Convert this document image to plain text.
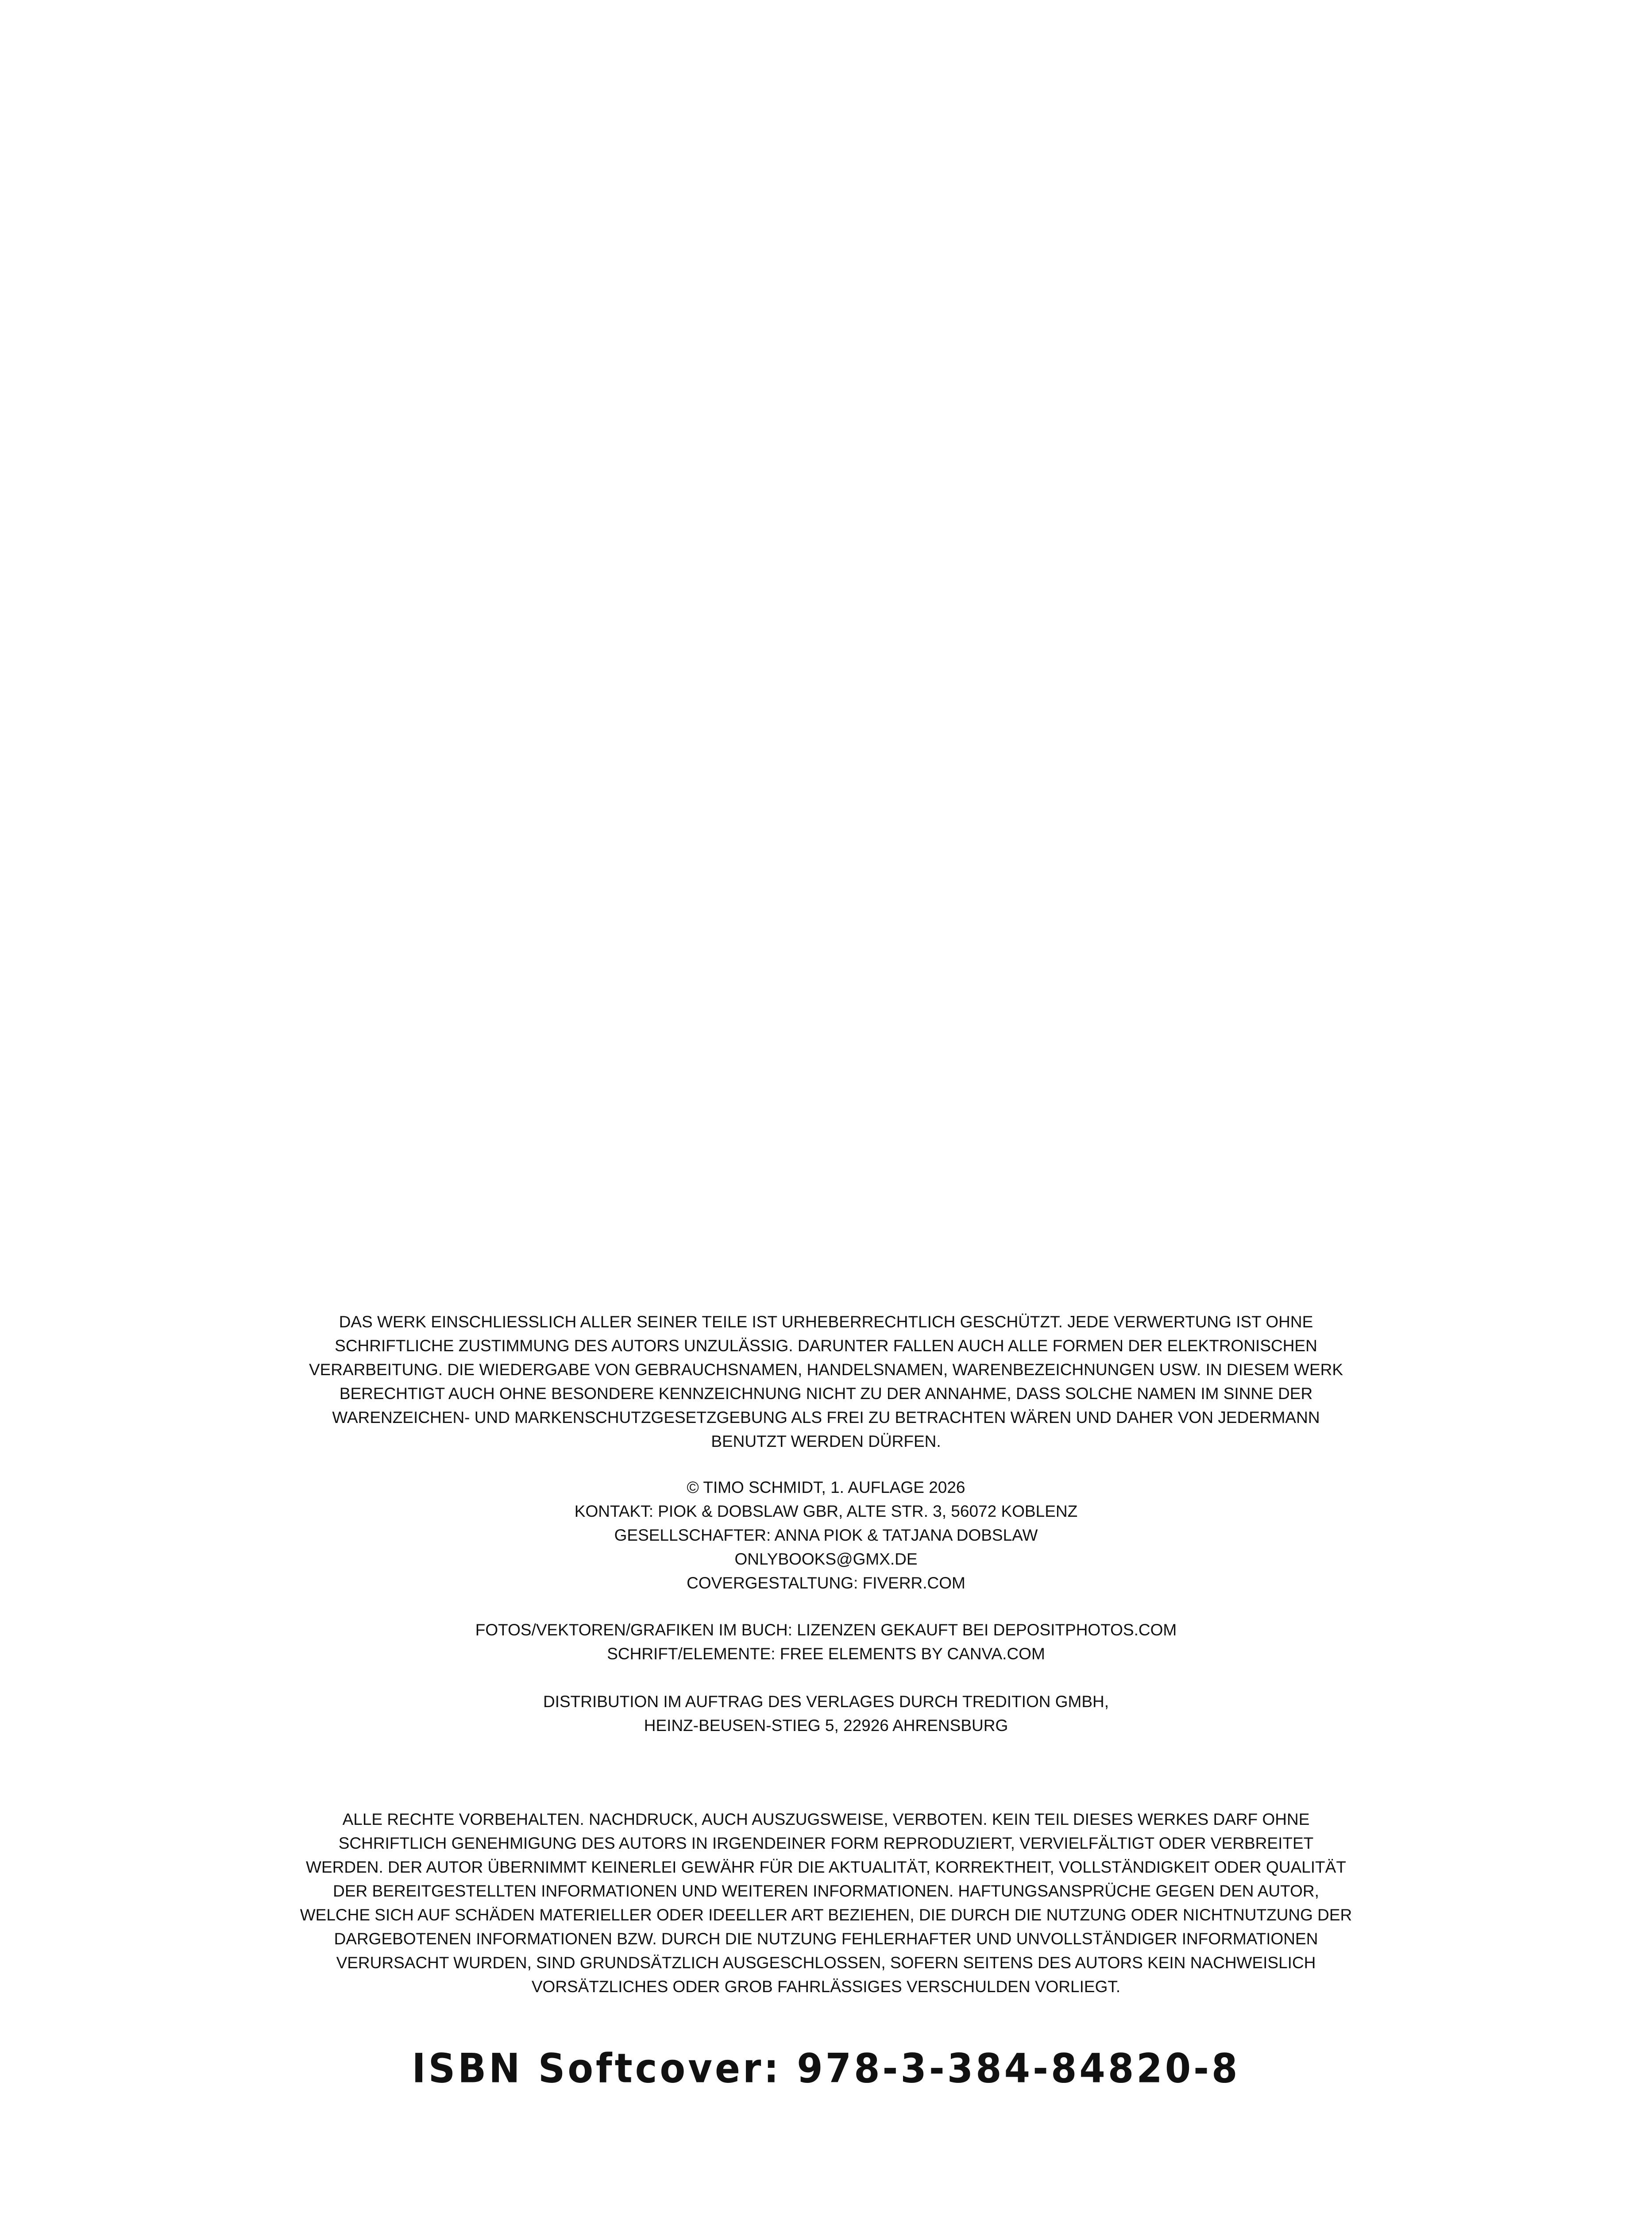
DAS WERK EINSCHLIESSLICH ALLER SEINER TEILE IST URHEBERRECHTLICH GESCHÜTZT. JEDE VERWERTUNG IST OHNE

SCHRIFTLICHE ZUSTIMMUNG DES AUTORS UNZULÄSSIG. DARUNTER FALLEN AUCH ALLE FORMEN DER ELEKTRONISCHEN

VERARBEITUNG. DIE WIEDERGABE VON GEBRAUCHSNAMEN, HANDELSNAMEN, WARENBEZEICHNUNGEN USW. IN DIESEM WERK

BERECHTIGT AUCH OHNE BESONDERE KENNZEICHNUNG NICHT ZU DER ANNAHME, DASS SOLCHE NAMEN IM SINNE DER

WARENZEICHEN- UND MARKENSCHUTZGESETZGEBUNG ALS FREI ZU BETRACHTEN WÄREN UND DAHER VON JEDERMANN

BENUTZT WERDEN DÜRFEN.

© TIMO SCHMIDT, 1. AUFLAGE 2026

KONTAKT: PIOK & DOBSLAW GBR, ALTE STR. 3, 56072 KOBLENZ

GESELLSCHAFTER: ANNA PIOK & TATJANA DOBSLAW

ONLYBOOKS@GMX.DE

COVERGESTALTUNG: FIVERR.COM

FOTOS/VEKTOREN/GRAFIKEN IM BUCH: LIZENZEN GEKAUFT BEI DEPOSITPHOTOS.COM

SCHRIFT/ELEMENTE: FREE ELEMENTS BY CANVA.COM

DISTRIBUTION IM AUFTRAG DES VERLAGES DURCH TREDITION GMBH,

HEINZ-BEUSEN-STIEG 5, 22926 AHRENSBURG

ALLE RECHTE VORBEHALTEN. NACHDRUCK, AUCH AUSZUGSWEISE, VERBOTEN. KEIN TEIL DIESES WERKES DARF OHNE

SCHRIFTLICH GENEHMIGUNG DES AUTORS IN IRGENDEINER FORM REPRODUZIERT, VERVIELFÄLTIGT ODER VERBREITET

WERDEN. DER AUTOR ÜBERNIMMT KEINERLEI GEWÄHR FÜR DIE AKTUALITÄT, KORREKTHEIT, VOLLSTÄNDIGKEIT ODER QUALITÄT

DER BEREITGESTELLTEN INFORMATIONEN UND WEITEREN INFORMATIONEN. HAFTUNGSANSPRÜCHE GEGEN DEN AUTOR,

WELCHE SICH AUF SCHÄDEN MATERIELLER ODER IDEELLER ART BEZIEHEN, DIE DURCH DIE NUTZUNG ODER NICHTNUTZUNG DER

DARGEBOTENEN INFORMATIONEN BZW. DURCH DIE NUTZUNG FEHLERHAFTER UND UNVOLLSTÄNDIGER INFORMATIONEN

VERURSACHT WURDEN, SIND GRUNDSÄTZLICH AUSGESCHLOSSEN, SOFERN SEITENS DES AUTORS KEIN NACHWEISLICH

VORSÄTZLICHES ODER GROB FAHRLÄSSIGES VERSCHULDEN VORLIEGT.

ISBN Softcover: 978-3-384-84820-8
